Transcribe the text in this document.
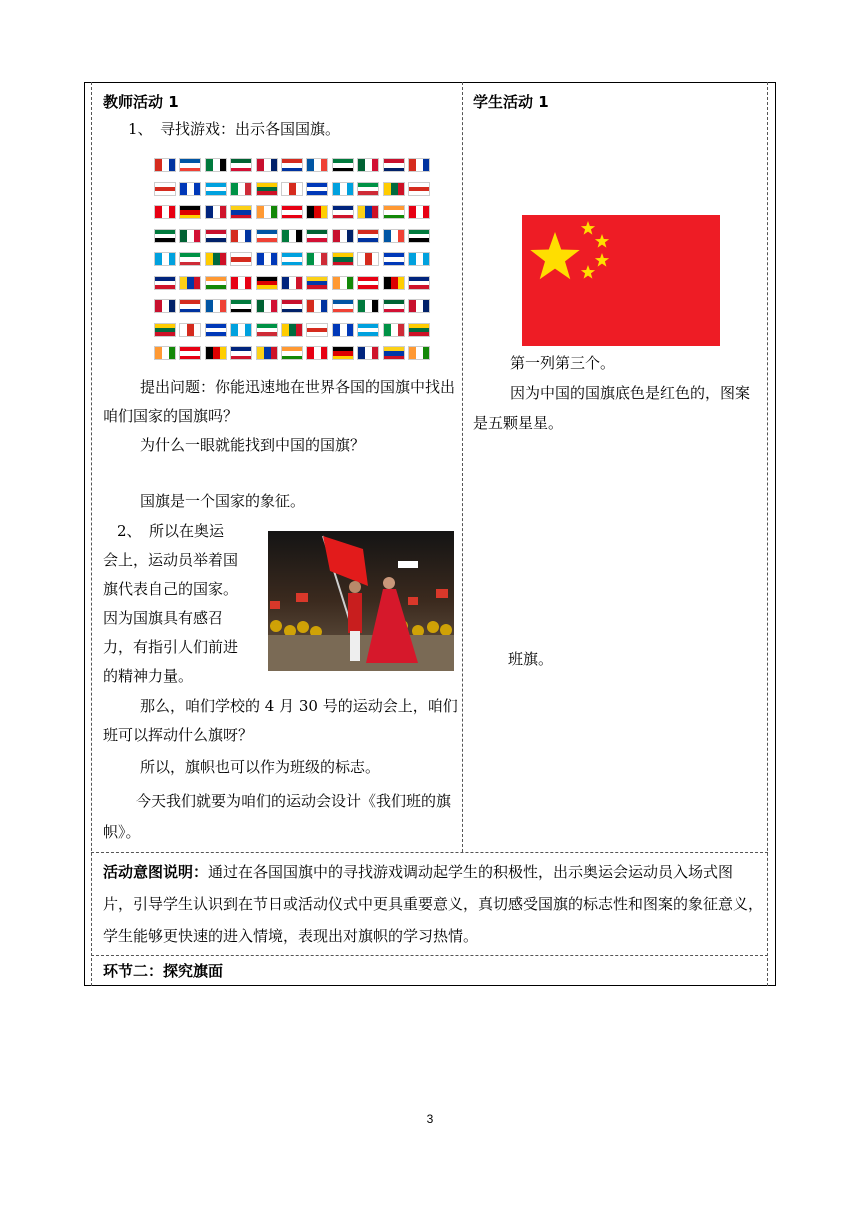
教师活动 1
1、　寻找游戏：出示各国国旗。
提出问题：你能迅速地在世界各国的国旗中找出咱们国家的国旗吗？
为什么一眼就能找到中国的国旗？
国旗是一个国家的象征。
2、　所以在奥运
会上，运动员举着国
旗代表自己的国家。
因为国旗具有感召
力，有指引人们前进
的精神力量。
那么，咱们学校的 4 月 30 号的运动会上，咱们班可以挥动什么旗呀？
所以，旗帜也可以作为班级的标志。
今天我们就要为咱们的运动会设计《我们班的旗帜》。
学生活动 1
第一列第三个。
因为中国的国旗底色是红色的，图案是五颗星星。
班旗。
活动意图说明：通过在各国国旗中的寻找游戏调动起学生的积极性，出示奥运会运动员入场式图片，引导学生认识到在节日或活动仪式中更具重要意义，真切感受国旗的标志性和图案的象征意义，学生能够更快速的进入情境，表现出对旗帜的学习热情。
环节二：探究旗面
3
